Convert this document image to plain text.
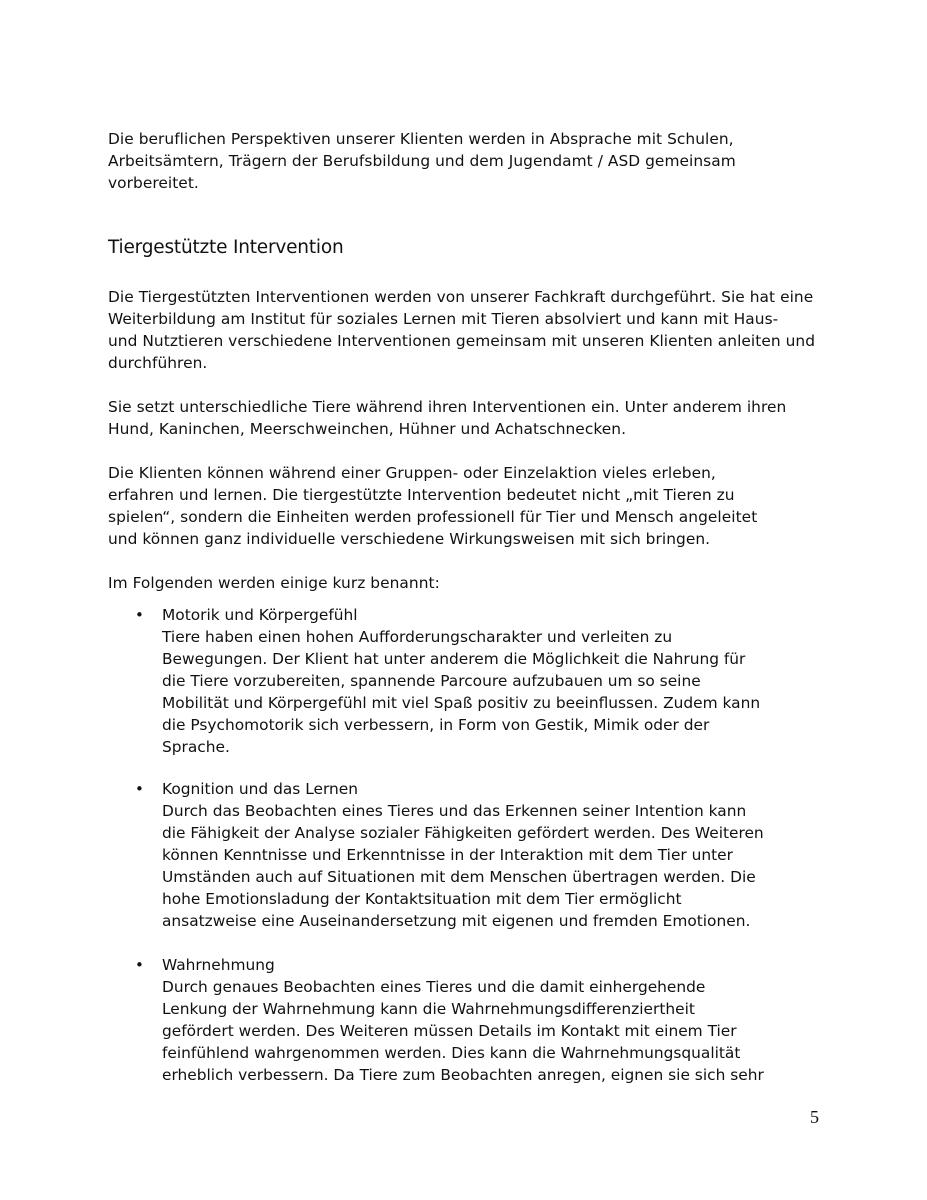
Die beruflichen Perspektiven unserer Klienten werden in Absprache mit Schulen,
Arbeitsämtern, Trägern der Berufsbildung und dem Jugendamt / ASD gemeinsam
vorbereitet.

Tiergestützte Intervention

Die Tiergestützten Interventionen werden von unserer Fachkraft durchgeführt. Sie hat eine
Weiterbildung am Institut für soziales Lernen mit Tieren absolviert und kann mit Haus-
und Nutztieren verschiedene Interventionen gemeinsam mit unseren Klienten anleiten und
durchführen.

Sie setzt unterschiedliche Tiere während ihren Interventionen ein. Unter anderem ihren
Hund, Kaninchen, Meerschweinchen, Hühner und Achatschnecken.

Die Klienten können während einer Gruppen- oder Einzelaktion vieles erleben,
erfahren und lernen. Die tiergestützte Intervention bedeutet nicht „mit Tieren zu
spielen“, sondern die Einheiten werden professionell für Tier und Mensch angeleitet
und können ganz individuelle verschiedene Wirkungsweisen mit sich bringen.

Im Folgenden werden einige kurz benannt:

• Motorik und Körpergefühl
Tiere haben einen hohen Aufforderungscharakter und verleiten zu
Bewegungen. Der Klient hat unter anderem die Möglichkeit die Nahrung für
die Tiere vorzubereiten, spannende Parcoure aufzubauen um so seine
Mobilität und Körpergefühl mit viel Spaß positiv zu beeinflussen. Zudem kann
die Psychomotorik sich verbessern, in Form von Gestik, Mimik oder der
Sprache.
• Kognition und das Lernen
Durch das Beobachten eines Tieres und das Erkennen seiner Intention kann
die Fähigkeit der Analyse sozialer Fähigkeiten gefördert werden. Des Weiteren
können Kenntnisse und Erkenntnisse in der Interaktion mit dem Tier unter
Umständen auch auf Situationen mit dem Menschen übertragen werden. Die
hohe Emotionsladung der Kontaktsituation mit dem Tier ermöglicht
ansatzweise eine Auseinandersetzung mit eigenen und fremden Emotionen.
• Wahrnehmung
Durch genaues Beobachten eines Tieres und die damit einhergehende
Lenkung der Wahrnehmung kann die Wahrnehmungsdifferenziertheit
gefördert werden. Des Weiteren müssen Details im Kontakt mit einem Tier
feinfühlend wahrgenommen werden. Dies kann die Wahrnehmungsqualität
erheblich verbessern. Da Tiere zum Beobachten anregen, eignen sie sich sehr
5
